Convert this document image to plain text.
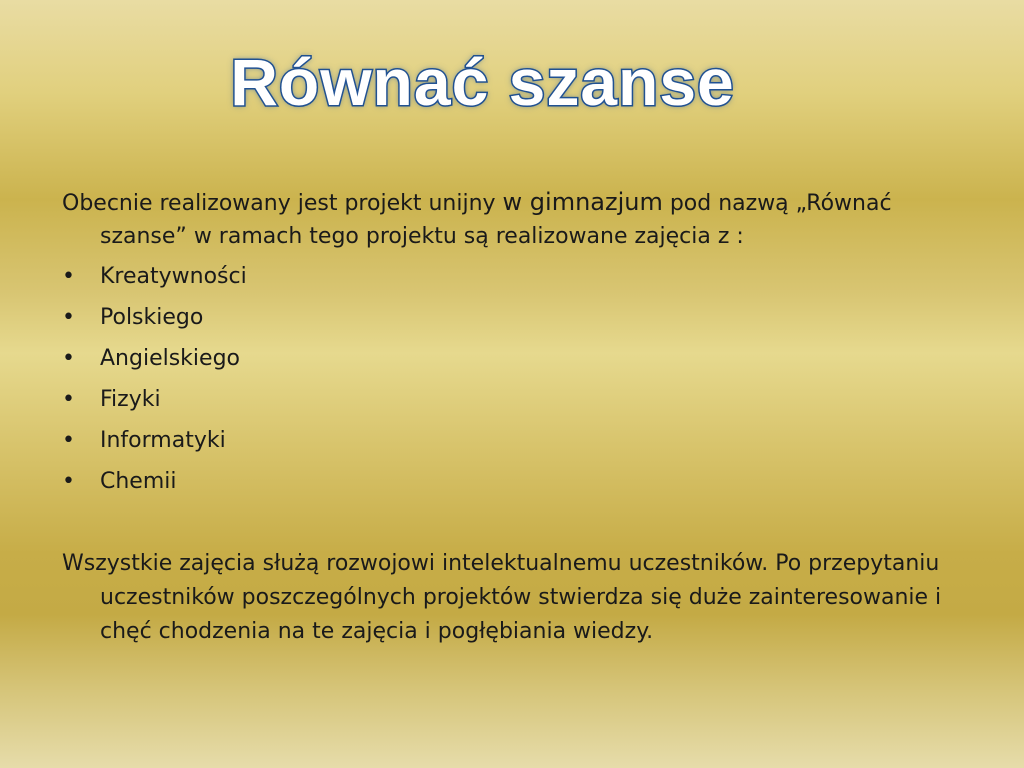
Równać szanse

Obecnie realizowany jest projekt unijny w gimnazjum pod nazwą „Równać szanse” w ramach tego projektu są realizowane zajęcia z :

• Kreatywności
• Polskiego
• Angielskiego
• Fizyki
• Informatyki
• Chemii

Wszystkie zajęcia służą rozwojowi intelektualnemu uczestników. Po przepytaniu uczestników poszczególnych projektów stwierdza się duże zainteresowanie i chęć chodzenia na te zajęcia i pogłębiania wiedzy.
